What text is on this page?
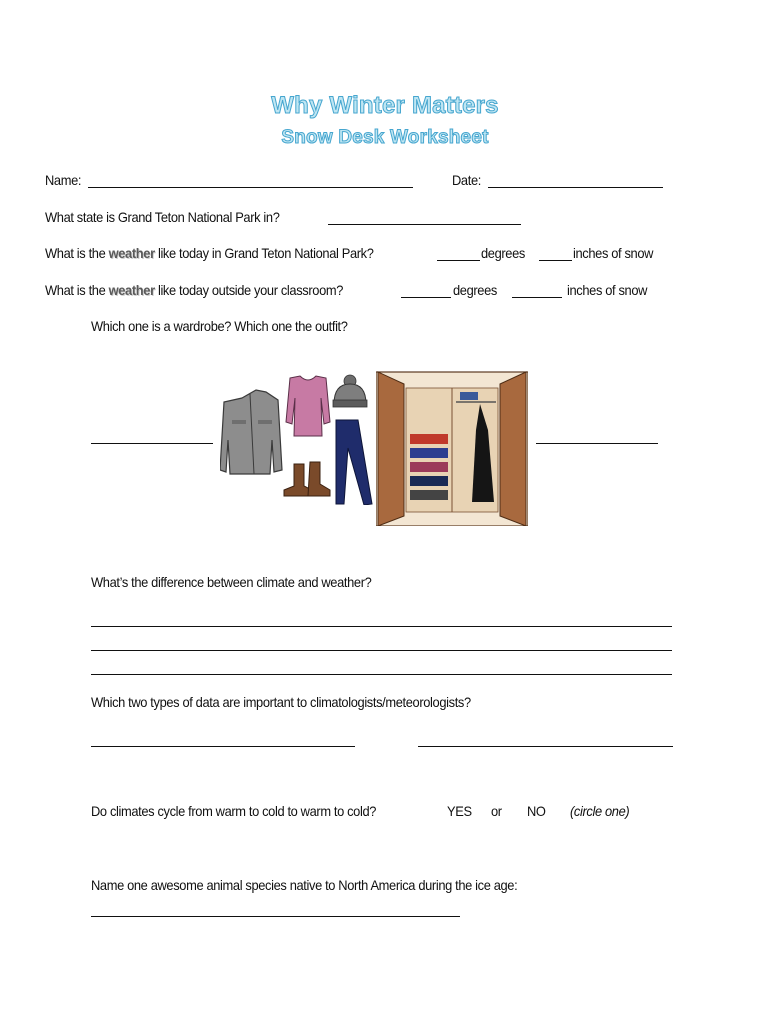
Why Winter Matters
Snow Desk Worksheet
Name:	Date:
What state is Grand Teton National Park in?
What is the weather like today in Grand Teton National Park?	degrees	inches of snow
What is the weather like today outside your classroom?	degrees	inches of snow
Which one is a wardrobe? Which one the outfit?
What’s the difference between climate and weather?
Which two types of data are important to climatologists/meteorologists?
Do climates cycle from warm to cold to warm to cold?	YES or NO (circle one)
Name one awesome animal species native to North America during the ice age:
